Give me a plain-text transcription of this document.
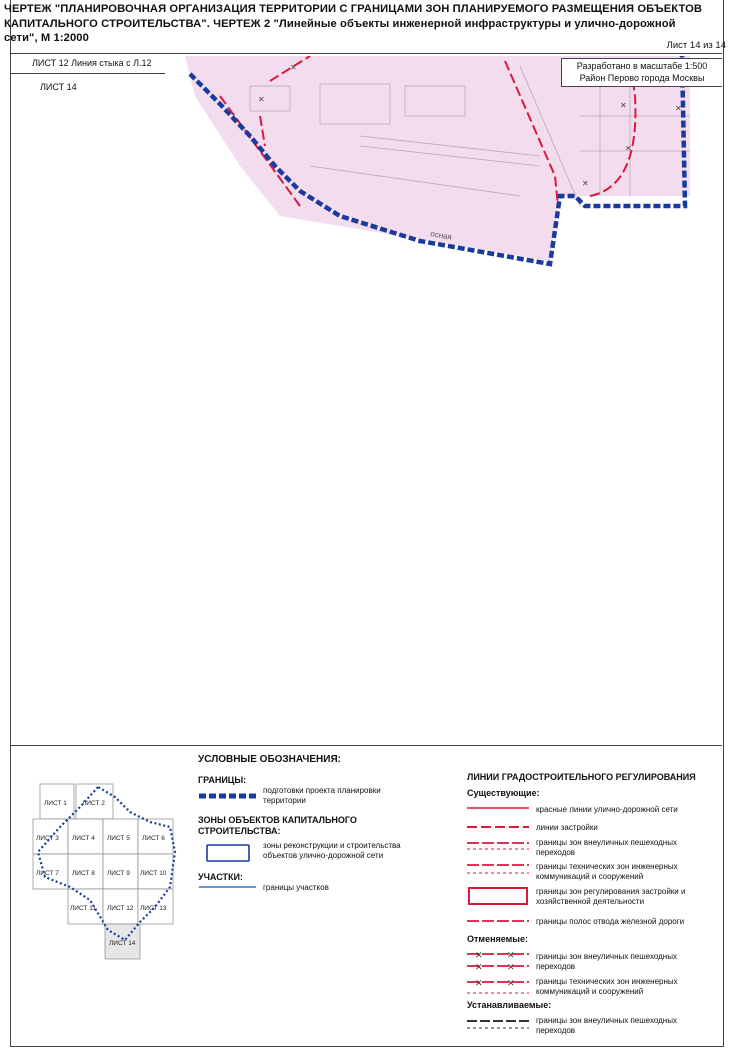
ЧЕРТЕЖ "ПЛАНИРОВОЧНАЯ ОРГАНИЗАЦИЯ ТЕРРИТОРИИ С ГРАНИЦАМИ ЗОН ПЛАНИРУЕМОГО РАЗМЕЩЕНИЯ ОБЪЕКТОВ КАПИТАЛЬНОГО СТРОИТЕЛЬСТВА". ЧЕРТЕЖ 2 "Линейные объекты инженерной инфраструктуры и улично-дорожной сети", М 1:2000
Лист 14 из 14
ЛИСТ 12 Линия стыка с Л.12
ЛИСТ 14
✕
✕
✕
✕
✕
✕
осная
Разработано в масштабе 1:500
Район Перово города Москвы
ЛИСТ 1 ЛИСТ 2
ЛИСТ 3 ЛИСТ 4 ЛИСТ 5 ЛИСТ 6
ЛИСТ 7 ЛИСТ 8 ЛИСТ 9 ЛИСТ 10
ЛИСТ 11 ЛИСТ 12 ЛИСТ 13
ЛИСТ 14
УСЛОВНЫЕ ОБОЗНАЧЕНИЯ:
ГРАНИЦЫ:
подготовки проекта планировки территории
ЗОНЫ ОБЪЕКТОВ КАПИТАЛЬНОГО СТРОИТЕЛЬСТВА:
зоны реконструкции и строительства объектов улично-дорожной сети
УЧАСТКИ:
границы участков
ЛИНИИ ГРАДОСТРОИТЕЛЬНОГО РЕГУЛИРОВАНИЯ
Существующие:
красные линии улично-дорожной сети
линии застройки
границы зон внеуличных пешеходных переходов
границы технических зон инженерных коммуникаций и сооружений
границы зон регулирования застройки и хозяйственной деятельности
границы полос отвода железной дороги
Отменяемые:
✕	✕
✕	✕
✕	✕
границы зон внеуличных пешеходных переходов
границы технических зон инженерных коммуникаций и сооружений
Устанавливаемые:
границы зон внеуличных пешеходных переходов
